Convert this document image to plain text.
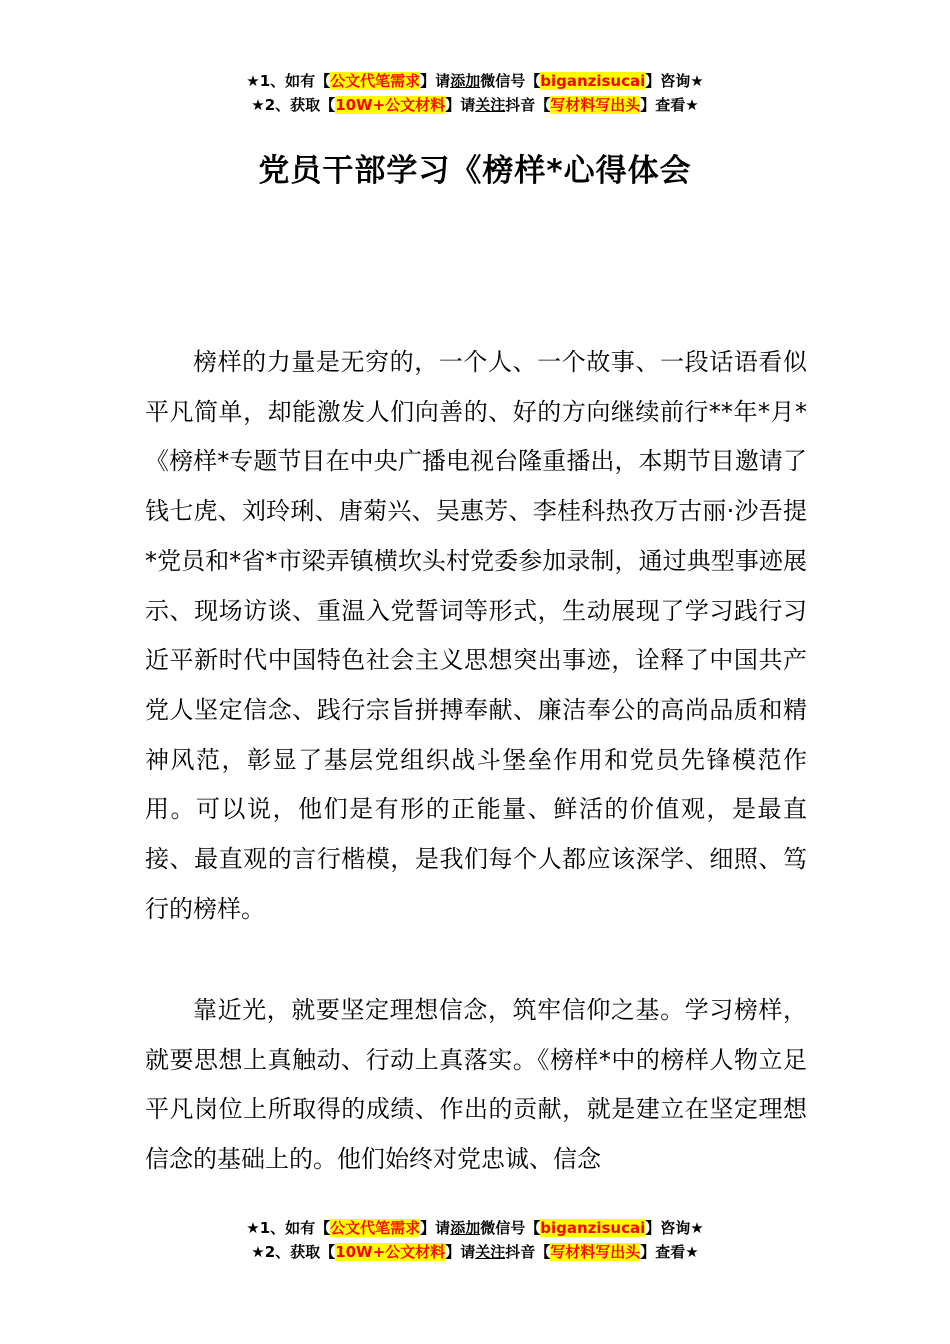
★1、如有【公文代笔需求】请添加微信号【biganzisucai】咨询★
★2、获取【10W+公文材料】请关注抖音【写材料写出头】查看★
党员干部学习《榜样*心得体会

榜样的力量是无穷的，一个人、一个故事、一段话语看似平凡简单，却能激发人们向善的、好的方向继续前行**年*月*《榜样*专题节目在中央广播电视台隆重播出，本期节目邀请了钱七虎、刘玲琍、唐菊兴、吴惠芳、李桂科热孜万古丽·沙吾提*党员和*省*市梁弄镇横坎头村党委参加录制，通过典型事迹展示、现场访谈、重温入党誓词等形式，生动展现了学习践行习近平新时代中国特色社会主义思想突出事迹，诠释了中国共产党人坚定信念、践行宗旨拼搏奉献、廉洁奉公的高尚品质和精神风范，彰显了基层党组织战斗堡垒作用和党员先锋模范作用。可以说，他们是有形的正能量、鲜活的价值观，是最直接、最直观的言行楷模，是我们每个人都应该深学、细照、笃行的榜样。

靠近光，就要坚定理想信念，筑牢信仰之基。学习榜样，就要思想上真触动、行动上真落实。《榜样*中的榜样人物立足平凡岗位上所取得的成绩、作出的贡献，就是建立在坚定理想信念的基础上的。他们始终对党忠诚、信念

★1、如有【公文代笔需求】请添加微信号【biganzisucai】咨询★
★2、获取【10W+公文材料】请关注抖音【写材料写出头】查看★
